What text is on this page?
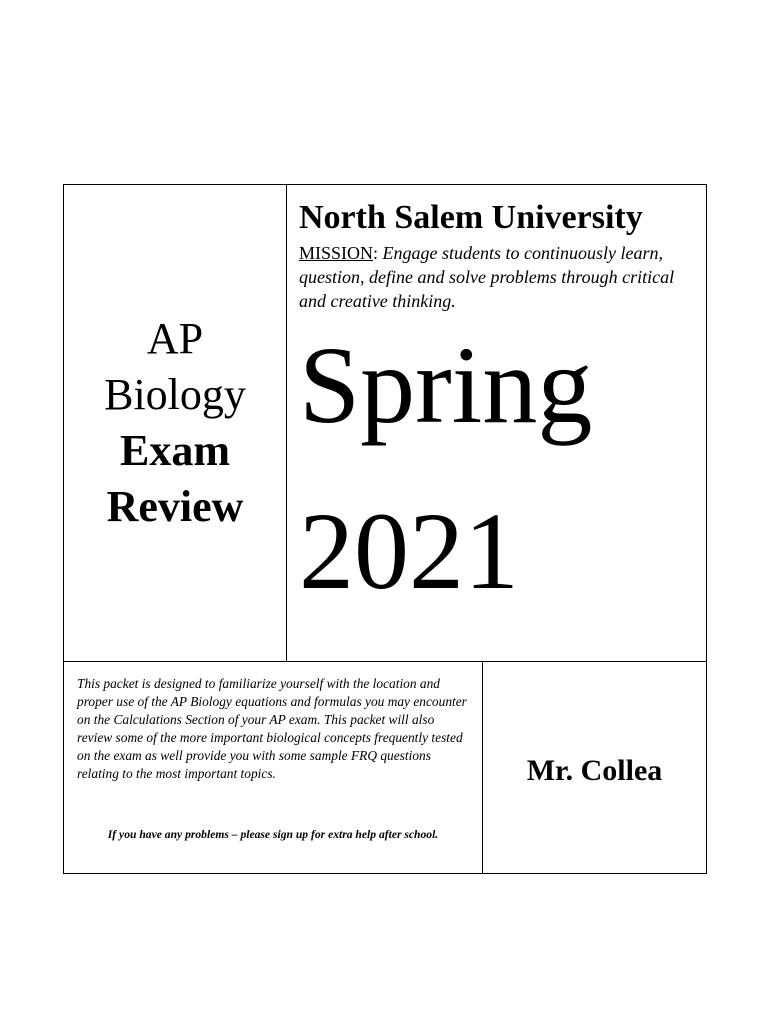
AP
Biology
Exam
Review
North Salem University
MISSION: Engage students to continuously learn, question, define and solve problems through critical and creative thinking.
Spring
2021
This packet is designed to familiarize yourself with the location and proper use of the AP Biology equations and formulas you may encounter on the Calculations Section of your AP exam. This packet will also review some of the more important biological concepts frequently tested on the exam as well provide you with some sample FRQ questions relating to the most important topics.
If you have any problems – please sign up for extra help after school.
Mr. Collea
